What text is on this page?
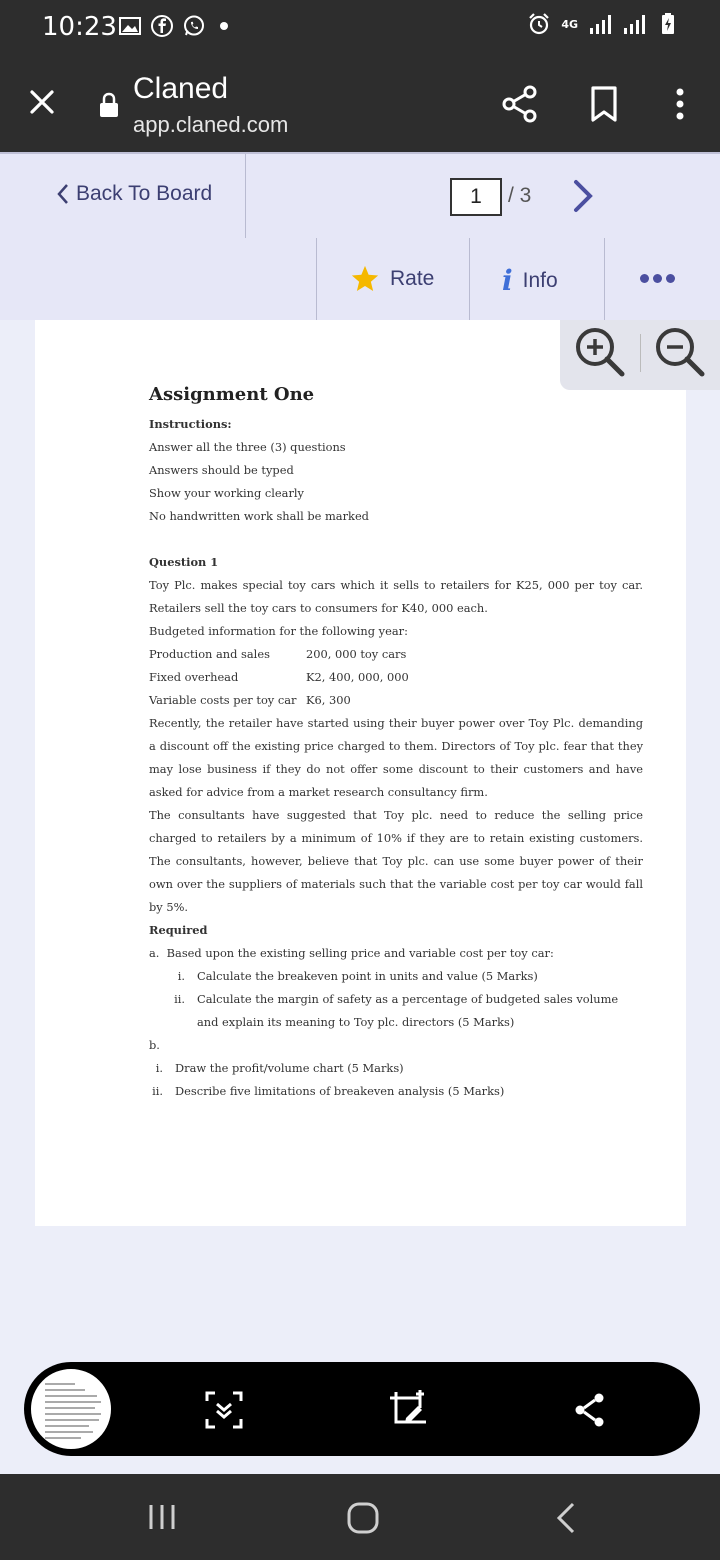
10:23	4G
Claned
app.claned.com
Back To Board	1	/ 3
Rate i Info
Assignment One
Instructions:
Answer all the three (3) questions
Answers should be typed
Show your working clearly
No handwritten work shall be marked
Question 1
Toy Plc. makes special toy cars which it sells to retailers for K25, 000 per toy car. Retailers sell the toy cars to consumers for K40, 000 each.
Budgeted information for the following year:
Production and sales	200, 000 toy cars
Fixed overhead	K2, 400, 000, 000
Variable costs per toy car K6, 300
Recently, the retailer have started using their buyer power over Toy Plc. demanding a discount off the existing price charged to them. Directors of Toy plc. fear that they may lose business if they do not offer some discount to their customers and have asked for advice from a market research consultancy firm.
The consultants have suggested that Toy plc. need to reduce the selling price charged to retailers by a minimum of 10% if they are to retain existing customers. The consultants, however, believe that Toy plc. can use some buyer power of their own over the suppliers of materials such that the variable cost per toy car would fall by 5%.
Required
a.  Based upon the existing selling price and variable cost per toy car:
i.	Calculate the breakeven point in units and value (5 Marks)
ii.	Calculate the margin of safety as a percentage of budgeted sales volume and explain its meaning to Toy plc. directors (5 Marks)
b.
i.	Draw the profit/volume chart (5 Marks)
ii.	Describe five limitations of breakeven analysis (5 Marks)
